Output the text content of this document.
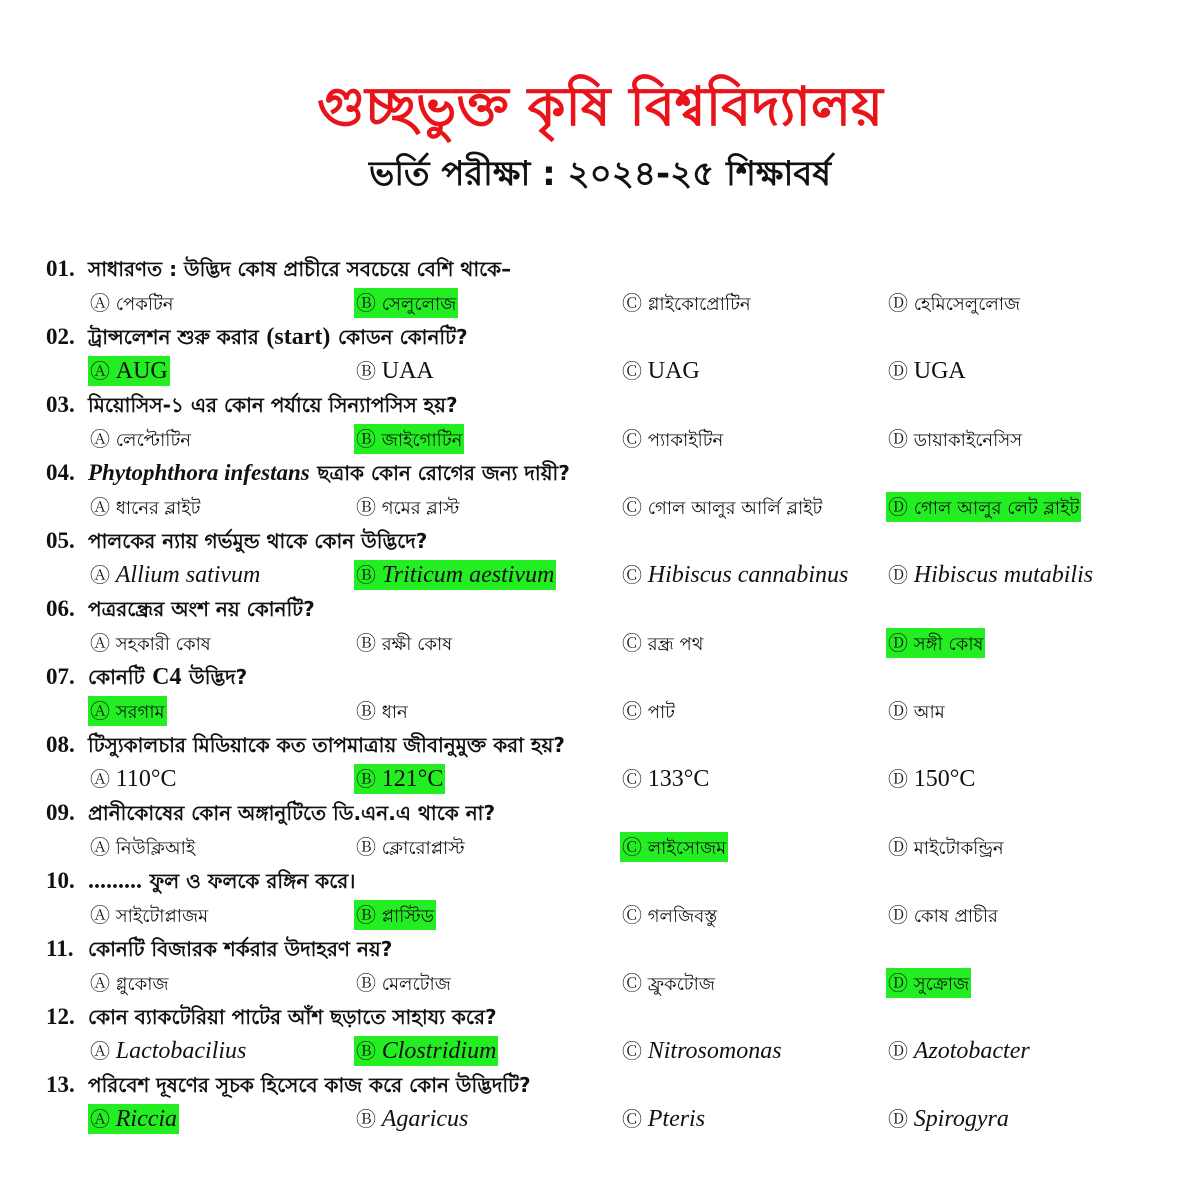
গুচ্ছভুক্ত কৃষি বিশ্ববিদ্যালয়
ভর্তি পরীক্ষা : ২০২৪-২৫ শিক্ষাবর্ষ
01. সাধারণত : উদ্ভিদ কোষ প্রাচীরে সবচেয়ে বেশি থাকে–
Ⓐ পেকটিন	Ⓑ সেলুলোজ	Ⓒ গ্লাইকোপ্রোটিন	Ⓓ হেমিসেলুলোজ
02. ট্রান্সলেশন শুরু করার (start) কোডন কোনটি?
Ⓐ AUG	Ⓑ UAA	Ⓒ UAG	Ⓓ UGA
03. মিয়োসিস-১ এর কোন পর্যায়ে সিন্যাপসিস হয়?
Ⓐ লেপ্টোটিন	Ⓑ জাইগোটিন	Ⓒ প্যাকাইটিন	Ⓓ ডায়াকাইনেসিস
04. Phytophthora infestans ছত্রাক কোন রোগের জন্য দায়ী?
Ⓐ ধানের ব্লাইট	Ⓑ গমের ব্লাস্ট	Ⓒ গোল আলুর আর্লি ব্লাইট	Ⓓ গোল আলুর লেট ব্লাইট
05. পালকের ন্যায় গর্ভমুন্ড থাকে কোন উদ্ভিদে?
Ⓐ Allium sativum	Ⓑ Triticum aestivum	Ⓒ Hibiscus cannabinus Ⓓ Hibiscus mutabilis
06. পত্ররন্ধ্রের অংশ নয় কোনটি?
Ⓐ সহকারী কোষ	Ⓑ রক্ষী কোষ	Ⓒ রন্ধ্র পথ	Ⓓ সঙ্গী কোষ
07. কোনটি C4 উদ্ভিদ?
Ⓐ সরগাম	Ⓑ ধান	Ⓒ পাট	Ⓓ আম
08. টিস্যুকালচার মিডিয়াকে কত তাপমাত্রায় জীবানুমুক্ত করা হয়?
Ⓐ 110°C	Ⓑ 121°C	Ⓒ 133°C	Ⓓ 150°C
09. প্রানীকোষের কোন অঙ্গানুটিতে ডি.এন.এ থাকে না?
Ⓐ নিউক্লিআই	Ⓑ ক্লোরোপ্লাস্ট	Ⓒ লাইসোজম	Ⓓ মাইটোকন্ড্রিন
10. ......... ফুল ও ফলকে রঙ্গিন করে।
Ⓐ সাইটোপ্লাজম	Ⓑ প্লাস্টিড	Ⓒ গলজিবস্তু	Ⓓ কোষ প্রাচীর
11. কোনটি বিজারক শর্করার উদাহরণ নয়?
Ⓐ গ্লুকোজ	Ⓑ মেলটোজ	Ⓒ ফ্রুকটোজ	Ⓓ সুক্রোজ
12. কোন ব্যাকটেরিয়া পাটের আঁশ ছড়াতে সাহায্য করে?
Ⓐ Lactobacilius	Ⓑ Clostridium	Ⓒ Nitrosomonas	Ⓓ Azotobacter
13. পরিবেশ দূষণের সূচক হিসেবে কাজ করে কোন উদ্ভিদটি?
Ⓐ Riccia	Ⓑ Agaricus	Ⓒ Pteris	Ⓓ Spirogyra
